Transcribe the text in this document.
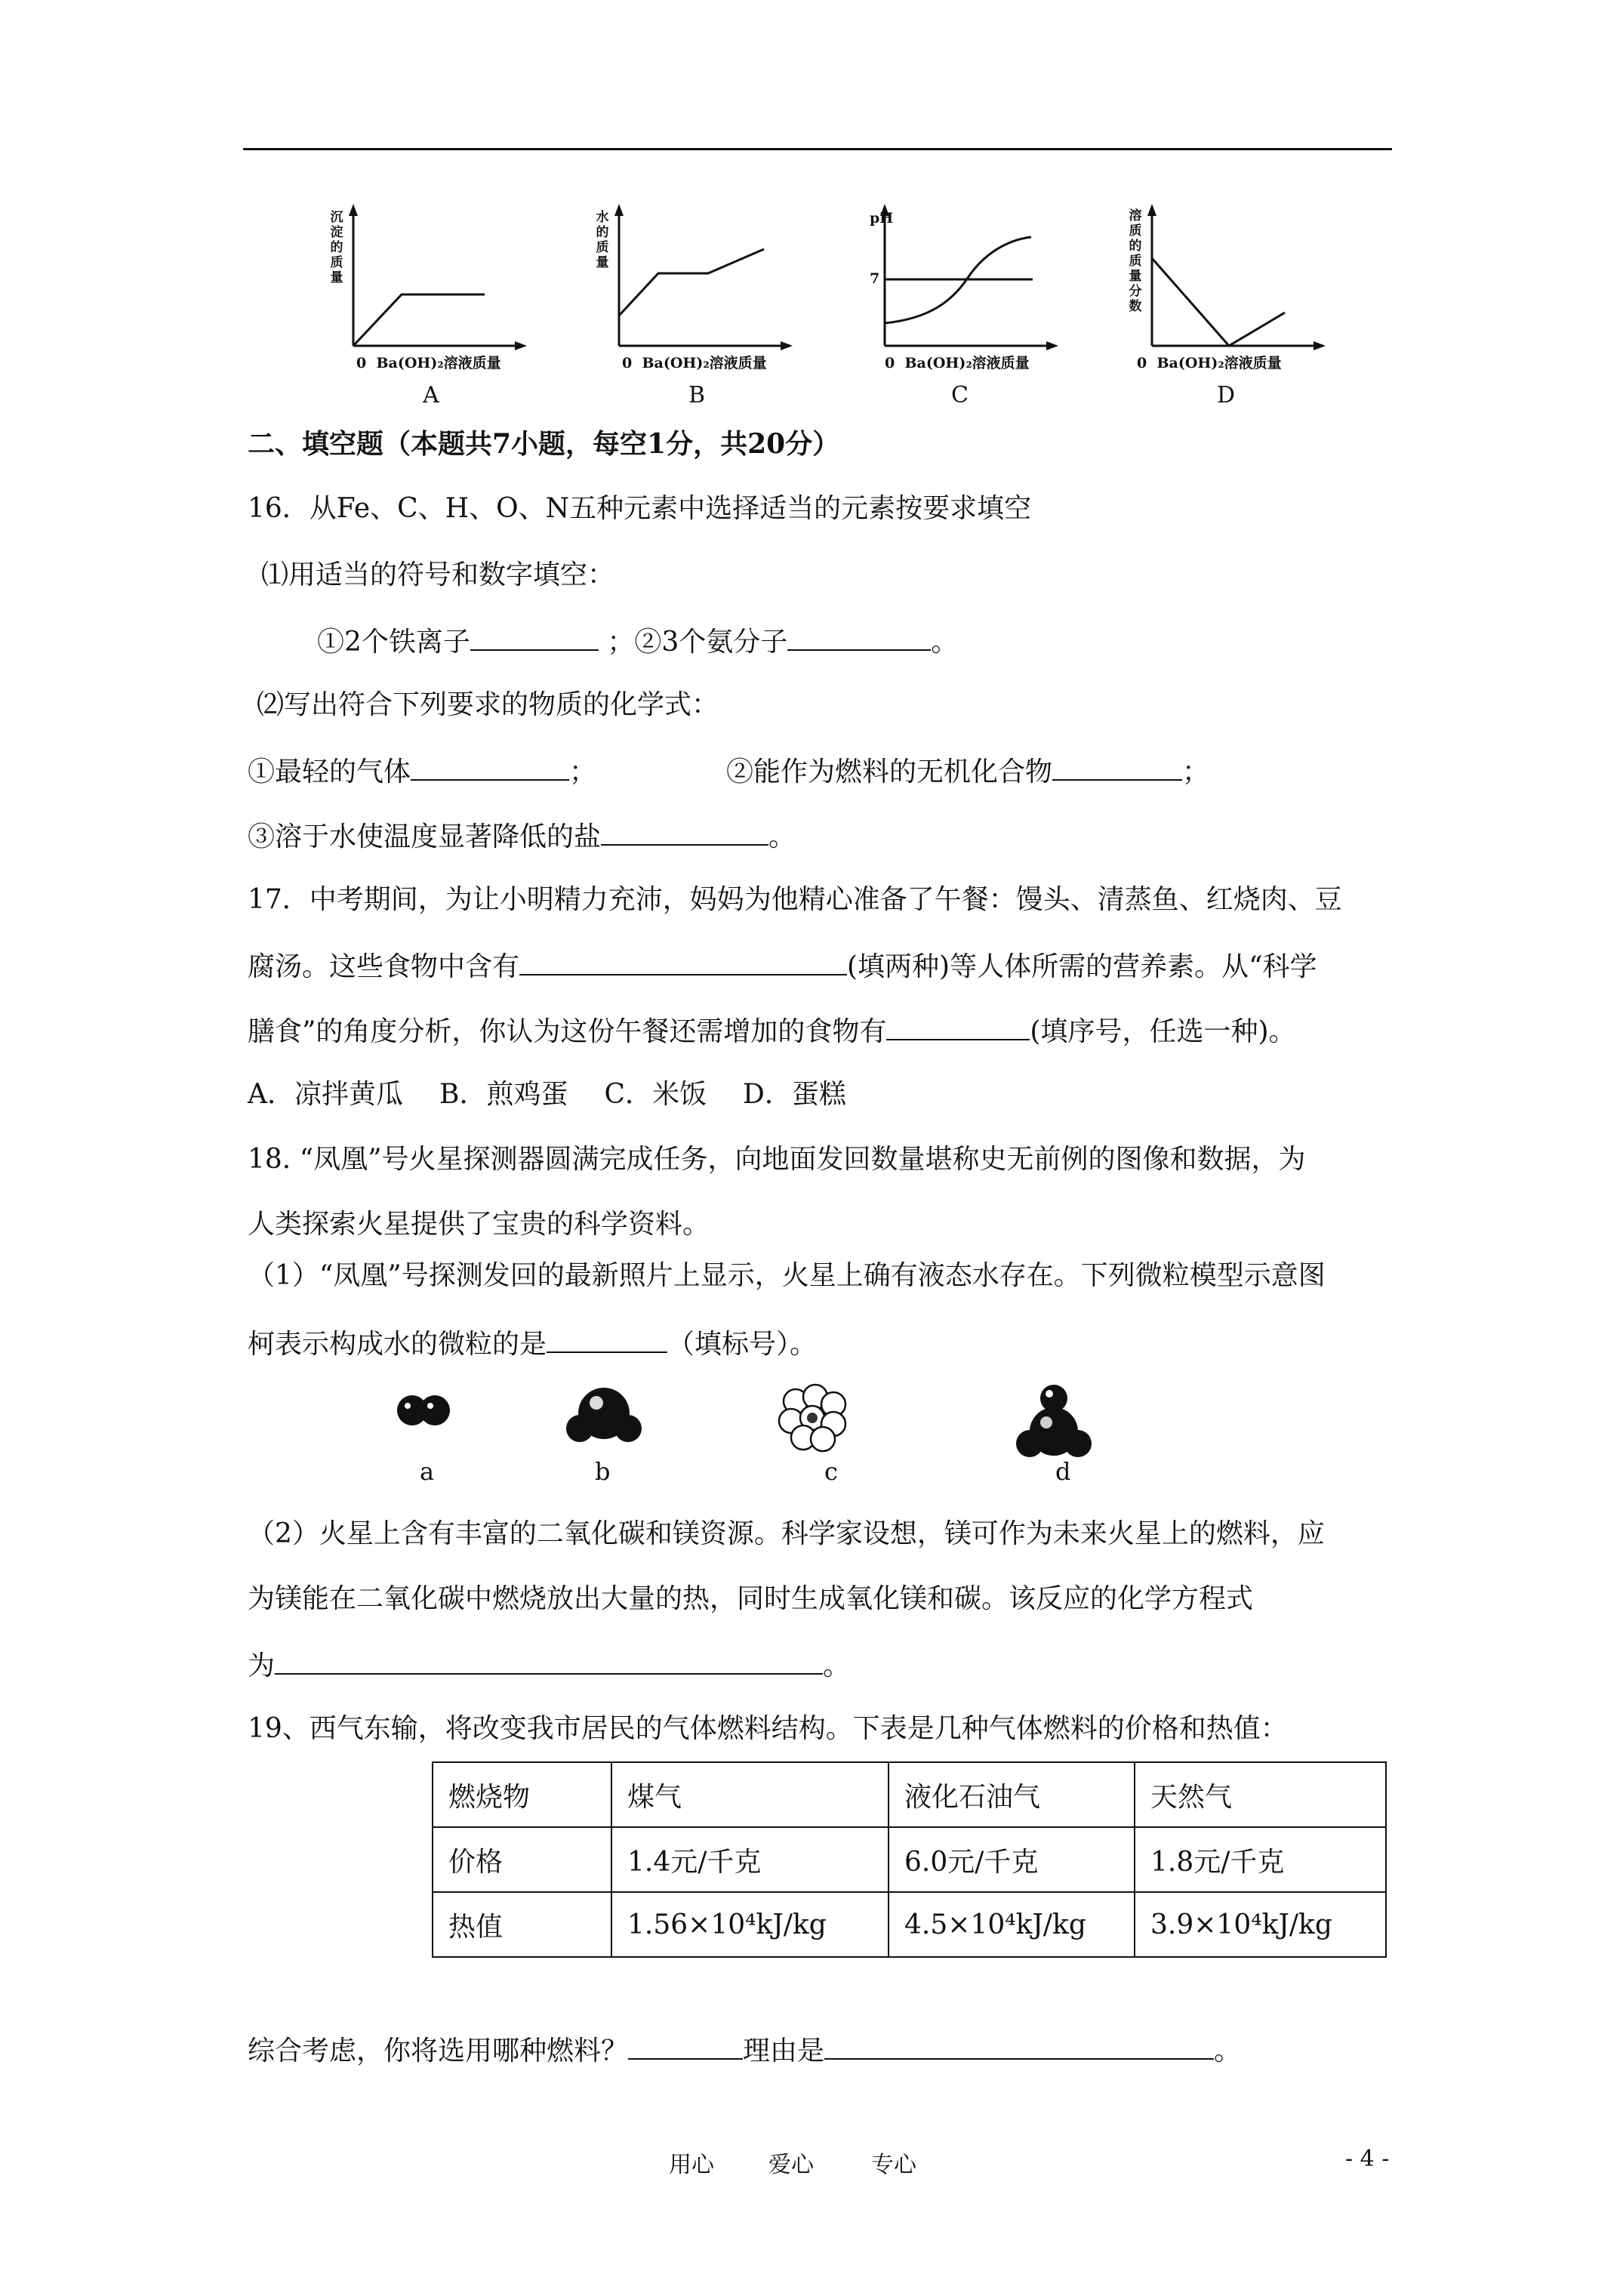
沉
淀
的
质
量
0 Ba(OH)₂溶液质量
A
水
的
质
量
0 Ba(OH)₂溶液质量
B
pH
7
0 Ba(OH)₂溶液质量
C
溶
质
的
质
量
分
数
0 Ba(OH)₂溶液质量
D
二、填空题（本题共7小题，每空1分，共20分）
16．从Fe、C、H、O、N五种元素中选择适当的元素按要求填空
⑴用适当的符号和数字填空：
①2个铁离子	；②3个氨分子	。
⑵写出符合下列要求的物质的化学式：
①最轻的气体	；	②能作为燃料的无机化合物	；
③溶于水使温度显著降低的盐	。
17．中考期间，为让小明精力充沛，妈妈为他精心准备了午餐：馒头、清蒸鱼、红烧肉、豆
腐汤。这些食物中含有	(填两种)等人体所需的营养素。从“科学
膳食”的角度分析，你认为这份午餐还需增加的食物有	(填序号，任选一种)。
A．凉拌黄瓜 B．煎鸡蛋 C．米饭 D．蛋糕
18. “凤凰”号火星探测器圆满完成任务，向地面发回数量堪称史无前例的图像和数据，为
人类探索火星提供了宝贵的科学资料。
（1）“凤凰”号探测发回的最新照片上显示，火星上确有液态水存在。下列微粒模型示意图
柯表示构成水的微粒的是	（填标号）。
a	b	c	d
（2）火星上含有丰富的二氧化碳和镁资源。科学家设想，镁可作为未来火星上的燃料，应
为镁能在二氧化碳中燃烧放出大量的热，同时生成氧化镁和碳。该反应的化学方程式
为	。
19、西气东输，将改变我市居民的气体燃料结构。下表是几种气体燃料的价格和热值：
燃烧物	煤气	液化石油气	天然气
价格	1.4元/千克	6.0元/千克	1.8元/千克
热值	1.56×10⁴kJ/kg	4.5×10⁴kJ/kg	3.9×10⁴kJ/kg
综合考虑，你将选用哪种燃料？	理由是	。
用心 爱心	专心	- 4 -
